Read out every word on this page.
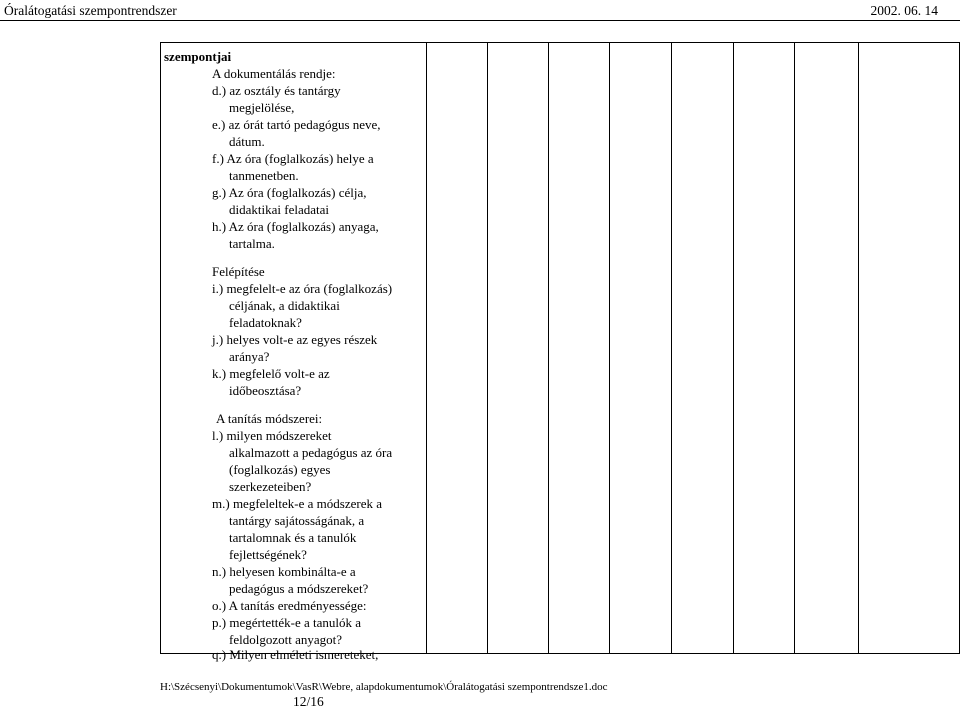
Óralátogatási szempontrendszer	2002. 06. 14
szempontjai
A dokumentálás rendje:
d.) az osztály és tantárgy
megjelölése,
e.) az órát tartó pedagógus neve,
dátum.
f.) Az óra (foglalkozás) helye a
tanmenetben.
g.) Az óra (foglalkozás) célja,
didaktikai feladatai
h.) Az óra (foglalkozás) anyaga,
tartalma.
Felépítése
i.) megfelelt-e az óra (foglalkozás)
céljának, a didaktikai
feladatoknak?
j.) helyes volt-e az egyes részek
aránya?
k.) megfelelő volt-e az
időbeosztása?
A tanítás módszerei:
l.) milyen módszereket
alkalmazott a pedagógus az óra
(foglalkozás) egyes
szerkezeteiben?
m.) megfeleltek-e a módszerek a
tantárgy sajátosságának, a
tartalomnak és a tanulók
fejlettségének?
n.) helyesen kombinálta-e a
pedagógus a módszereket?
o.) A tanítás eredményessége:
p.) megértették-e a tanulók a
feldolgozott anyagot?
q.) Milyen elméleti ismereteket,
H:\Szécsenyi\Dokumentumok\VasR\Webre, alapdokumentumok\Óralátogatási szempontrendsze1.doc
12/16
